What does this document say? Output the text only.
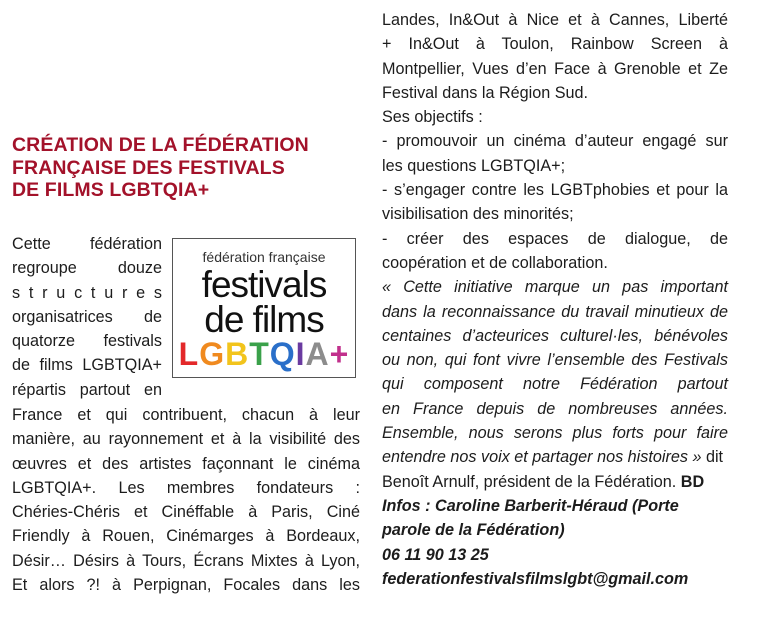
CRÉATION DE LA FÉDÉRATION
FRANÇAISE DES FESTIVALS
DE FILMS LGBTQIA+

Cette fédération

regroupe douze

s t r u c t u r e s

organisatrices de

quatorze festivals

de films LGBTQIA+

répartis partout en

fédération française
festivals
de films
LGBTQIA+

France et qui contribuent, chacun à leur

manière, au rayonnement et à la visibilité des

œuvres et des artistes façonnant le cinéma

LGBTQIA+. Les membres fondateurs :

Chéries-Chéris et Cinéffable à Paris, Ciné

Friendly à Rouen, Cinémarges à Bordeaux,

Désir… Désirs à Tours, Écrans Mixtes à Lyon,

Et alors ?! à Perpignan, Focales dans les

Landes, In&Out à Nice et à Cannes, Liberté

+ In&Out à Toulon, Rainbow Screen à

Montpellier, Vues d’en Face à Grenoble et Ze

Festival dans la Région Sud.

Ses objectifs :

- promouvoir un cinéma d’auteur engagé sur

les questions LGBTQIA+;

- s’engager contre les LGBTphobies et pour la

visibilisation des minorités;

- créer des espaces de dialogue, de

coopération et de collaboration.

« Cette initiative marque un pas important

dans la reconnaissance du travail minutieux de

centaines d’acteurices culturel·les, bénévoles

ou non, qui font vivre l’ensemble des Festivals

qui composent notre Fédération partout

en France depuis de nombreuses années.

Ensemble, nous serons plus forts pour faire

entendre nos voix et partager nos histoires » dit

Benoît Arnulf, président de la Fédération. BD

Infos : Caroline Barberit-Héraud (Porte

parole de la Fédération)

06 11 90 13 25

federationfestivalsfilmslgbt@gmail.com
